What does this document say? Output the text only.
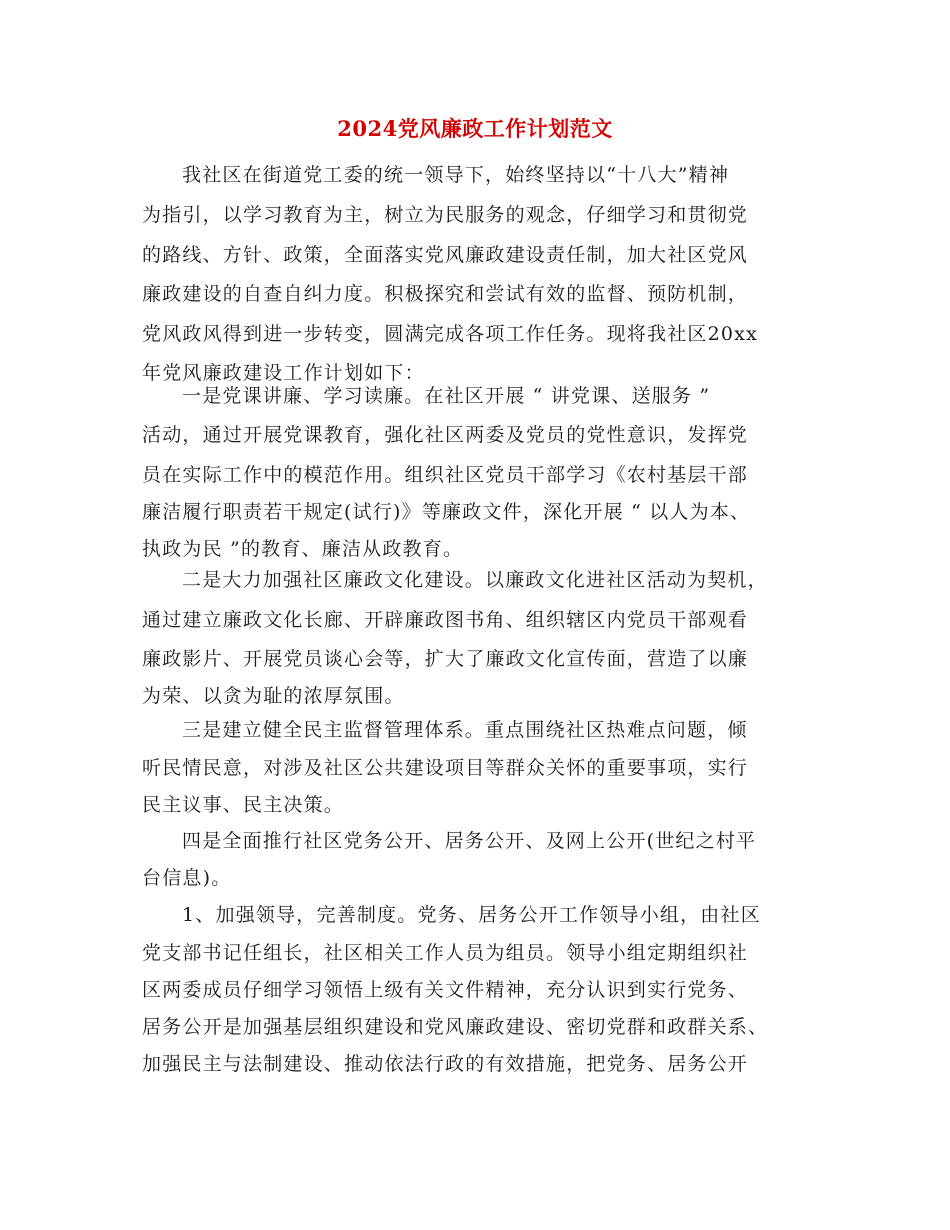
2024党风廉政工作计划范文
我社区在街道党工委的统一领导下，始终坚持以“十八大”精神
为指引，以学习教育为主，树立为民服务的观念，仔细学习和贯彻党
的路线、方针、政策，全面落实党风廉政建设责任制，加大社区党风
廉政建设的自查自纠力度。积极探究和尝试有效的监督、预防机制，
党风政风得到进一步转变，圆满完成各项工作任务。现将我社区20xx
年党风廉政建设工作计划如下：
一是党课讲廉、学习读廉。在社区开展 “ 讲党课、送服务 ”
活动，通过开展党课教育，强化社区两委及党员的党性意识，发挥党
员在实际工作中的模范作用。组织社区党员干部学习《农村基层干部
廉洁履行职责若干规定(试行)》等廉政文件，深化开展 “ 以人为本、
执政为民 ”的教育、廉洁从政教育。
二是大力加强社区廉政文化建设。以廉政文化进社区活动为契机，
通过建立廉政文化长廊、开辟廉政图书角、组织辖区内党员干部观看
廉政影片、开展党员谈心会等，扩大了廉政文化宣传面，营造了以廉
为荣、以贪为耻的浓厚氛围。
三是建立健全民主监督管理体系。重点围绕社区热难点问题，倾
听民情民意，对涉及社区公共建设项目等群众关怀的重要事项，实行
民主议事、民主决策。
四是全面推行社区党务公开、居务公开、及网上公开(世纪之村平
台信息)。
1、加强领导，完善制度。党务、居务公开工作领导小组，由社区
党支部书记任组长，社区相关工作人员为组员。领导小组定期组织社
区两委成员仔细学习领悟上级有关文件精神，充分认识到实行党务、
居务公开是加强基层组织建设和党风廉政建设、密切党群和政群关系、
加强民主与法制建设、推动依法行政的有效措施，把党务、居务公开
